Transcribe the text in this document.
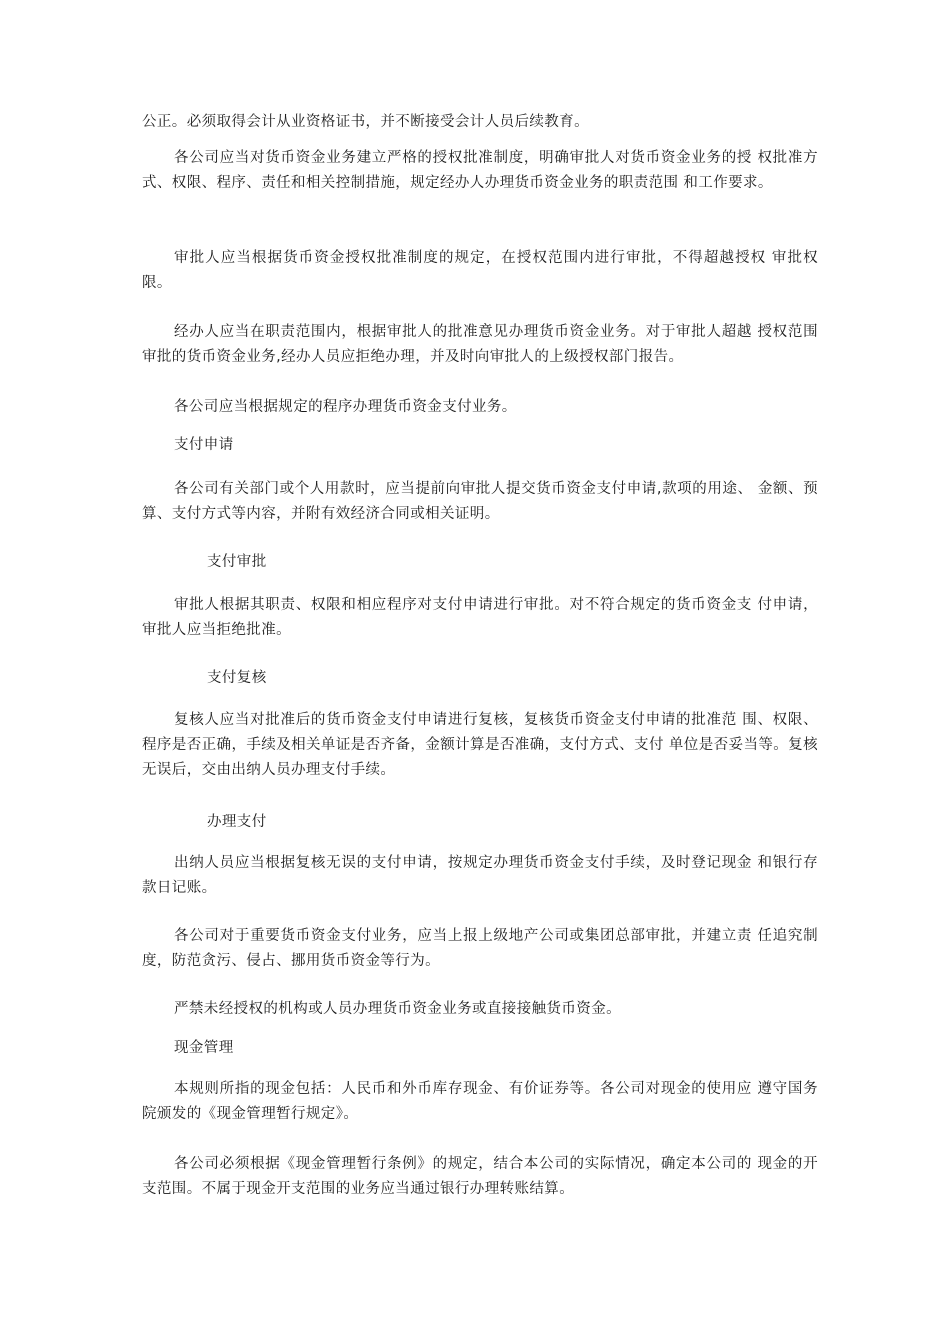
公正。必须取得会计从业资格证书，并不断接受会计人员后续教育。

各公司应当对货币资金业务建立严格的授权批准制度，明确审批人对货币资金业务的授 权批准方式、权限、程序、责任和相关控制措施，规定经办人办理货币资金业务的职责范围 和工作要求。

审批人应当根据货币资金授权批准制度的规定，在授权范围内进行审批，不得超越授权 审批权限。

经办人应当在职责范围内，根据审批人的批准意见办理货币资金业务。对于审批人超越 授权范围审批的货币资金业务,经办人员应拒绝办理，并及时向审批人的上级授权部门报告。

各公司应当根据规定的程序办理货币资金支付业务。

支付申请

各公司有关部门或个人用款时，应当提前向审批人提交货币资金支付申请,款项的用途、 金额、预算、支付方式等内容，并附有效经济合同或相关证明。

支付审批

审批人根据其职责、权限和相应程序对支付申请进行审批。对不符合规定的货币资金支 付申请，审批人应当拒绝批准。

支付复核

复核人应当对批准后的货币资金支付申请进行复核，复核货币资金支付申请的批准范 围、权限、程序是否正确，手续及相关单证是否齐备，金额计算是否准确，支付方式、支付 单位是否妥当等。复核无误后，交由出纳人员办理支付手续。

办理支付

出纳人员应当根据复核无误的支付申请，按规定办理货币资金支付手续，及时登记现金 和银行存款日记账。

各公司对于重要货币资金支付业务，应当上报上级地产公司或集团总部审批，并建立责 任追究制度，防范贪污、侵占、挪用货币资金等行为。

严禁未经授权的机构或人员办理货币资金业务或直接接触货币资金。

现金管理

本规则所指的现金包括：人民币和外币库存现金、有价证券等。各公司对现金的使用应 遵守国务院颁发的《现金管理暂行规定》。

各公司必须根据《现金管理暂行条例》的规定，结合本公司的实际情况，确定本公司的 现金的开支范围。不属于现金开支范围的业务应当通过银行办理转账结算。
